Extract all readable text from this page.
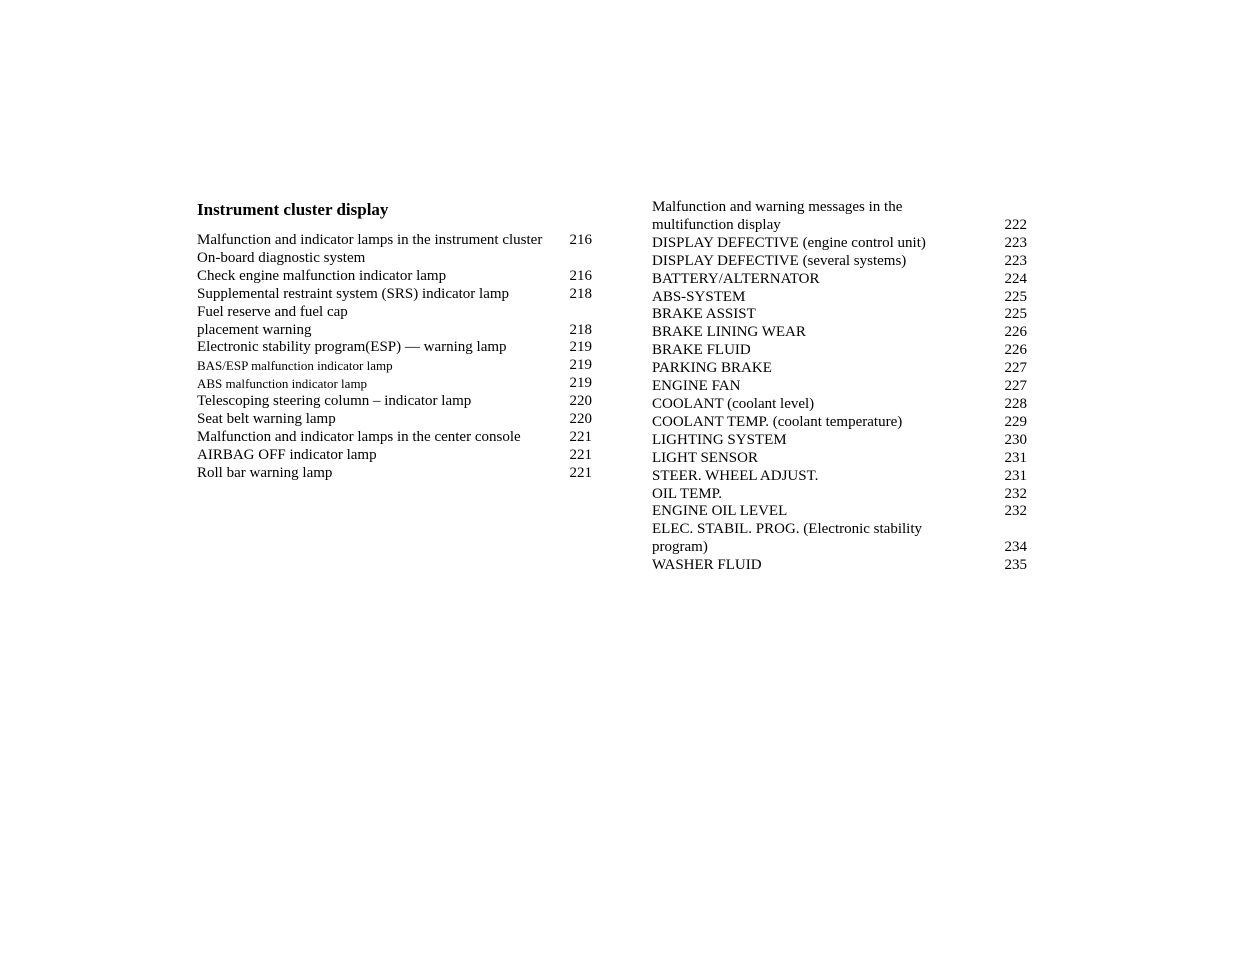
Instrument cluster display
Malfunction and indicator lamps in the instrument cluster	216
On-board diagnostic system
Check engine malfunction indicator lamp	216
Supplemental restraint system (SRS) indicator lamp	218
Fuel reserve and fuel cap
placement warning	218
Electronic stability program(ESP) — warning lamp	219
BAS/ESP malfunction indicator lamp	219
ABS malfunction indicator lamp	219
Telescoping steering column – indicator lamp	220
Seat belt warning lamp	220
Malfunction and indicator lamps in the center console	221
AIRBAG OFF indicator lamp	221
Roll bar warning lamp	221
Malfunction and warning messages in the
multifunction display	222
DISPLAY DEFECTIVE (engine control unit)	223
DISPLAY DEFECTIVE (several systems)	223
BATTERY/ALTERNATOR	224
ABS-SYSTEM	225
BRAKE ASSIST	225
BRAKE LINING WEAR	226
BRAKE FLUID	226
PARKING BRAKE	227
ENGINE FAN	227
COOLANT (coolant level)	228
COOLANT TEMP. (coolant temperature)	229
LIGHTING SYSTEM	230
LIGHT SENSOR	231
STEER. WHEEL ADJUST.	231
OIL TEMP.	232
ENGINE OIL LEVEL	232
ELEC. STABIL. PROG. (Electronic stability
program)	234
WASHER FLUID	235
